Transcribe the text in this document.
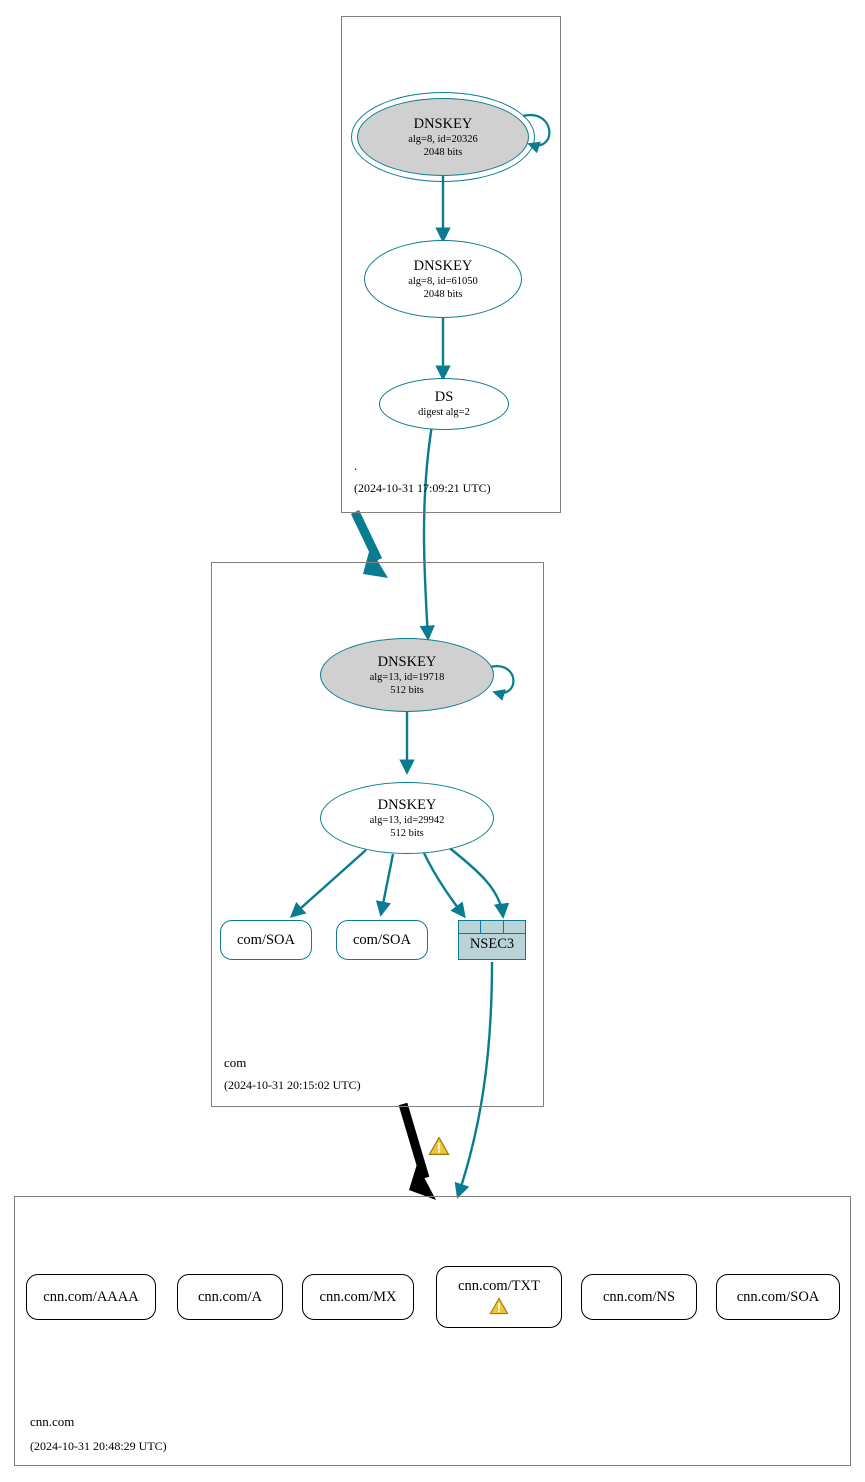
.
(2024-10-31 17:09:21 UTC)
com
(2024-10-31 20:15:02 UTC)
cnn.com
(2024-10-31 20:48:29 UTC)
DNSKEY
alg=8, id=20326
2048 bits
DNSKEY
alg=8, id=61050
2048 bits
DS
digest alg=2
DNSKEY
alg=13, id=19718
512 bits
DNSKEY
alg=13, id=29942
512 bits
com/SOA	com/SOA	NSEC3
cnn.com/AAAA	cnn.com/A	cnn.com/MX
cnn.com/TXT
cnn.com/NS	cnn.com/SOA
